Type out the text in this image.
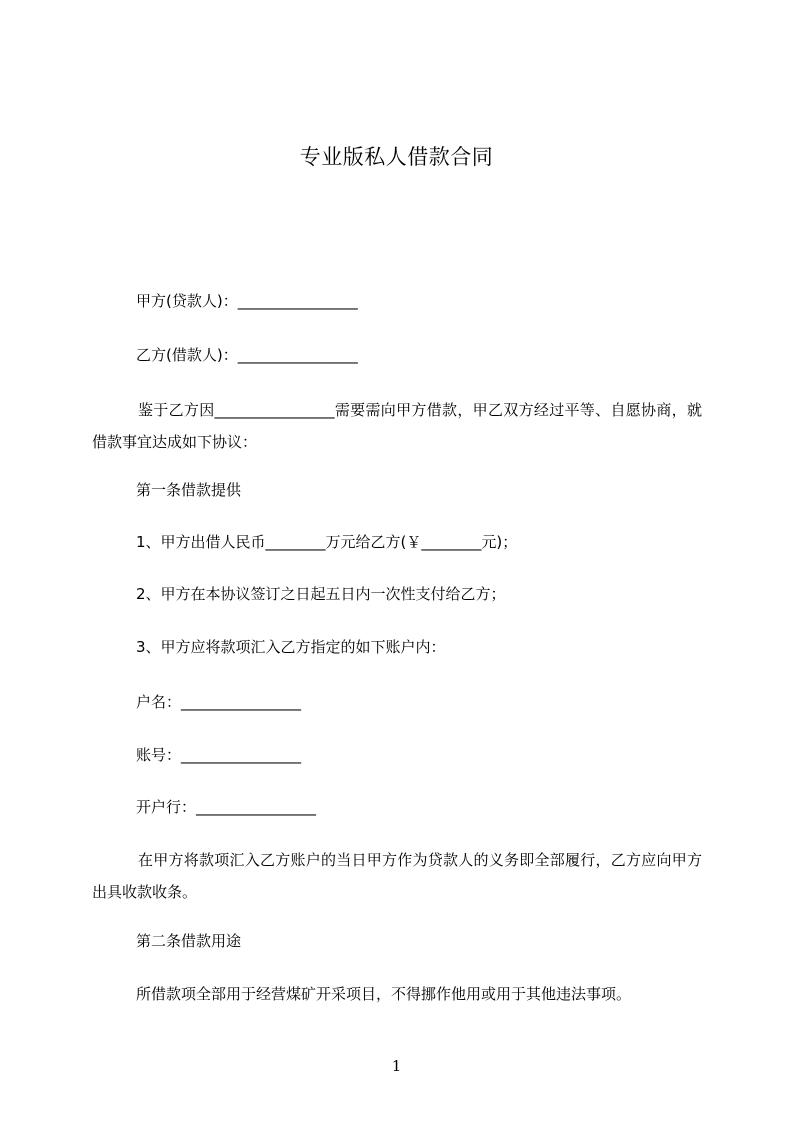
专业版私人借款合同
甲方(贷款人)：________________
乙方(借款人)：________________
鉴于乙方因________________需要需向甲方借款，甲乙双方经过平等、自愿协商，就借款事宜达成如下协议：
第一条借款提供
1、甲方出借人民币________万元给乙方(￥________元)；
2、甲方在本协议签订之日起五日内一次性支付给乙方；
3、甲方应将款项汇入乙方指定的如下账户内：
户名：________________
账号：________________
开户行：________________
在甲方将款项汇入乙方账户的当日甲方作为贷款人的义务即全部履行，乙方应向甲方出具收款收条。
第二条借款用途
所借款项全部用于经营煤矿开采项目，不得挪作他用或用于其他违法事项。
1
